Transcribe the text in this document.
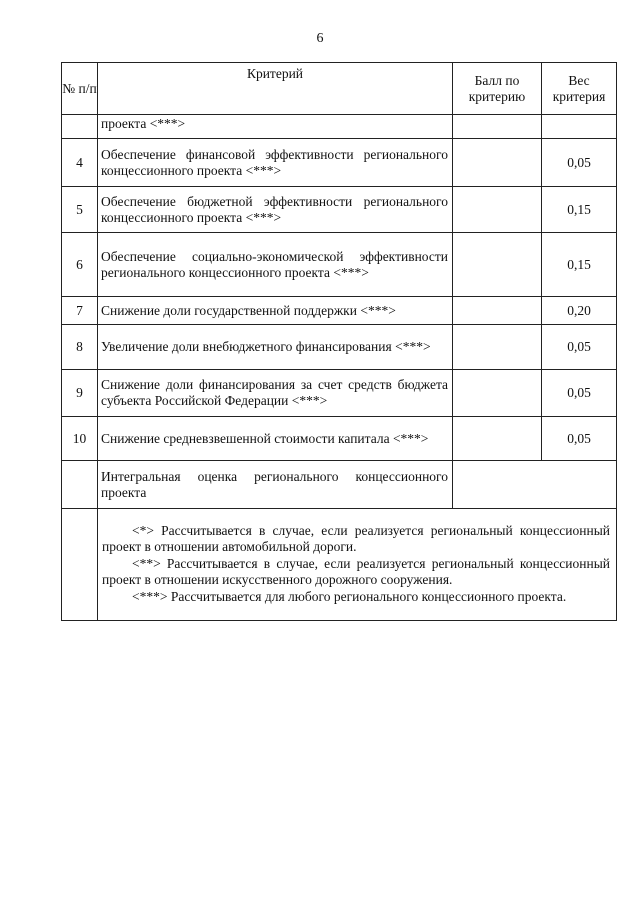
6
№ п/п	Критерий	Балл по критерию	Вес критерия
	проекта <***>		
4	Обеспечение финансовой эффективности регионального концессионного проекта <***>		0,05
5	Обеспечение бюджетной эффективности регионального концессионного проекта <***>		0,15
6	Обеспечение социально-экономической эффективности регионального концессионного проекта <***>		0,15
7	Снижение доли государственной поддержки <***>		0,20
8	Увеличение доли внебюджетного финансирования <***>		0,05
9	Снижение доли финансирования за счет средств бюджета субъекта Российской Федерации <***>		0,05
10	Снижение средневзвешенной стоимости капитала <***>		0,05
	Интегральная оценка регионального концессионного проекта		

	<*> Рассчитывается в случае, если реализуется региональный концессионный проект в отношении автомобильной дороги.

<**> Рассчитывается в случае, если реализуется региональный концессионный проект в отношении искусственного дорожного сооружения.

<***> Рассчитывается для любого регионального концессионного проекта.		
